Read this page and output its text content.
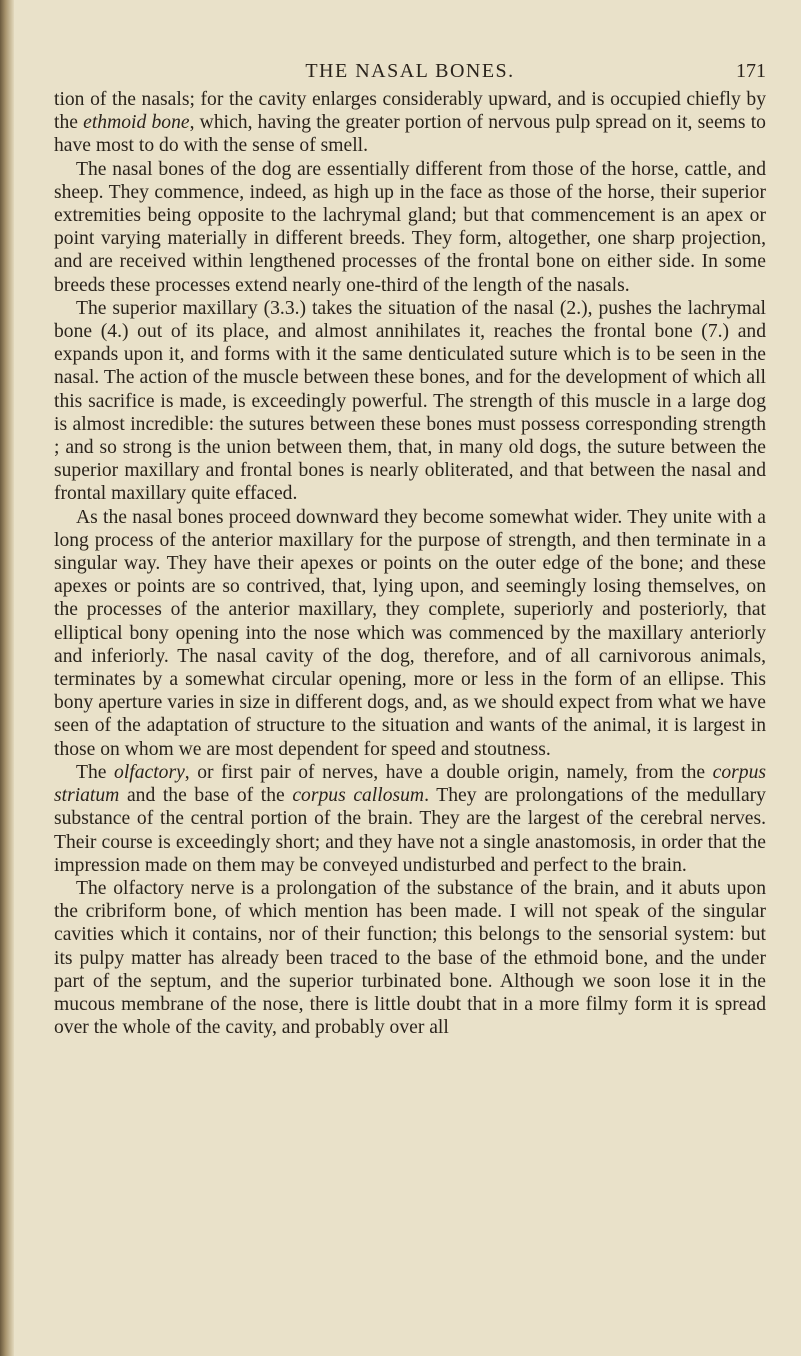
THE NASAL BONES.	171

tion of the nasals; for the cavity enlarges considerably upward, and is occupied chiefly by the ethmoid bone, which, having the greater portion of nervous pulp spread on it, seems to have most to do with the sense of smell.

The nasal bones of the dog are essentially different from those of the horse, cattle, and sheep. They commence, indeed, as high up in the face as those of the horse, their superior extremities being opposite to the lachrymal gland; but that commencement is an apex or point varying materially in different breeds. They form, altogether, one sharp projection, and are received within lengthened processes of the frontal bone on either side. In some breeds these processes extend nearly one-third of the length of the nasals.

The superior maxillary (3.3.) takes the situation of the nasal (2.), pushes the lachrymal bone (4.) out of its place, and almost annihilates it, reaches the frontal bone (7.) and expands upon it, and forms with it the same denticulated suture which is to be seen in the nasal. The action of the muscle between these bones, and for the development of which all this sacrifice is made, is exceedingly powerful. The strength of this muscle in a large dog is almost incredible: the sutures between these bones must possess corresponding strength ; and so strong is the union between them, that, in many old dogs, the suture between the superior maxillary and frontal bones is nearly obliterated, and that between the nasal and frontal maxillary quite effaced.

As the nasal bones proceed downward they become somewhat wider. They unite with a long process of the anterior maxillary for the purpose of strength, and then terminate in a singular way. They have their apexes or points on the outer edge of the bone; and these apexes or points are so contrived, that, lying upon, and seemingly losing themselves, on the processes of the anterior maxillary, they complete, superiorly and posteriorly, that elliptical bony opening into the nose which was commenced by the maxillary anteriorly and inferiorly. The nasal cavity of the dog, therefore, and of all carnivorous animals, terminates by a somewhat circular opening, more or less in the form of an ellipse. This bony aperture varies in size in different dogs, and, as we should expect from what we have seen of the adaptation of structure to the situation and wants of the animal, it is largest in those on whom we are most dependent for speed and stoutness.

The olfactory, or first pair of nerves, have a double origin, namely, from the corpus striatum and the base of the corpus callosum. They are prolongations of the medullary substance of the central portion of the brain. They are the largest of the cerebral nerves. Their course is exceedingly short; and they have not a single anastomosis, in order that the impression made on them may be conveyed undisturbed and perfect to the brain.

The olfactory nerve is a prolongation of the substance of the brain, and it abuts upon the cribriform bone, of which mention has been made. I will not speak of the singular cavities which it contains, nor of their function; this belongs to the sensorial system: but its pulpy matter has already been traced to the base of the ethmoid bone, and the under part of the septum, and the superior turbinated bone. Although we soon lose it in the mucous membrane of the nose, there is little doubt that in a more filmy form it is spread over the whole of the cavity, and probably over all
